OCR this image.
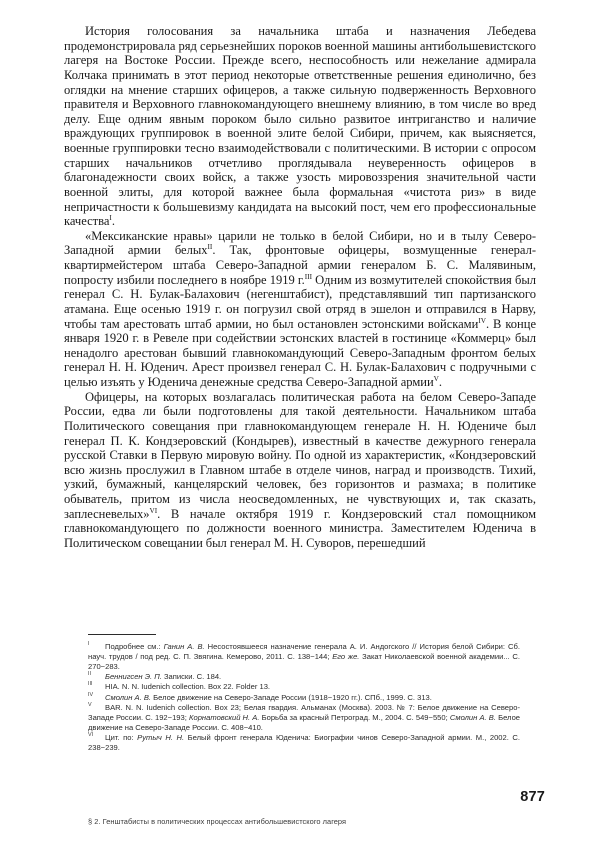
История голосования за начальника штаба и назначения Лебедева продемонстрировала ряд серьезнейших пороков военной машины антибольшевистского лагеря на Востоке России. Прежде всего, неспособность или нежелание адмирала Колчака принимать в этот период некоторые ответственные решения единолично, без оглядки на мнение старших офицеров, а также сильную подверженность Верховного правителя и Верховного главнокомандующего внешнему влиянию, в том числе во вред делу. Еще одним явным пороком было сильно развитое интриганство и наличие враждующих группировок в военной элите белой Сибири, причем, как выясняется, военные группировки тесно взаимодействовали с политическими. В истории с опросом старших начальников отчетливо проглядывала неуверенность офицеров в благонадежности своих войск, а также узость мировоззрения значительной части военной элиты, для которой важнее была формальная «чистота риз» в виде непричастности к большевизму кандидата на высокий пост, чем его профессиональные качества$^I$.

«Мексиканские нравы» царили не только в белой Сибири, но и в тылу Северо-Западной армии белых$^{II}$. Так, фронтовые офицеры, возмущенные генерал-квартирмейстером штаба Северо-Западной армии генералом Б. С. Малявиным, попросту избили последнего в ноябре 1919 г.$^{III}$ Одним из возмутителей спокойствия был генерал С. Н. Булак-Балахович (негенштабист), представлявший тип партизанского атамана. Еще осенью 1919 г. он погрузил свой отряд в эшелон и отправился в Нарву, чтобы там арестовать штаб армии, но был остановлен эстонскими войсками$^{IV}$. В конце января 1920 г. в Ревеле при содействии эстонских властей в гостинице «Коммерц» был ненадолго арестован бывший главнокомандующий Северо-Западным фронтом белых генерал Н. Н. Юденич. Арест произвел генерал С. Н. Булак-Балахович с подручными с целью изъять у Юденича денежные средства Северо-Западной армии$^V$.

Офицеры, на которых возлагалась политическая работа на белом Северо-Западе России, едва ли были подготовлены для такой деятельности. Начальником штаба Политического совещания при главнокомандующем генерале Н. Н. Юдениче был генерал П. К. Кондзеровский (Кондырев), известный в качестве дежурного генерала русской Ставки в Первую мировую войну. По одной из характеристик, «Кондзеровский всю жизнь прослужил в Главном штабе в отделе чинов, наград и производств. Тихий, узкий, бумажный, канцелярский человек, без горизонтов и размаха; в политике обыватель, притом из числа неосведомленных, не чувствующих и, так сказать, заплесневелых»$^{VI}$. В начале октября 1919 г. Кондзеровский стал помощником главнокомандующего по должности военного министра. Заместителем Юденича в Политическом совещании был генерал М. Н. Суворов, перешедший

I	Подробнее см.: Ганин А. В. Несостоявшееся назначение генерала А. И. Андогского // История белой Сибири: Сб. науч. трудов / под ред. С. П. Звягина. Кемерово, 2011. С. 138−144; Его же. Закат Николаевской военной академии... С. 270−283.
II	Беннигсен Э. П. Записки. С. 184.
III	HIA. N. N. Iudenich collection. Box 22. Folder 13.
IV	Смолин А. В. Белое движение на Северо-Западе России (1918−1920 гг.). СПб., 1999. С. 313.
V	BAR. N. N. Iudenich collection. Box 23; Белая гвардия. Альманах (Москва). 2003. № 7: Белое движение на Северо-Западе России. С. 192−193; Корнатовский Н. А. Борьба за красный Петроград. М., 2004. С. 549−550; Смолин А. В. Белое движение на Северо-Западе России. С. 408−410.
VI	Цит. по: Рутыч Н. Н. Белый фронт генерала Юденича: Биографии чинов Северо-Западной армии. М., 2002. С. 238−239.
877
§ 2. Генштабисты в политических процессах антибольшевистского лагеря
